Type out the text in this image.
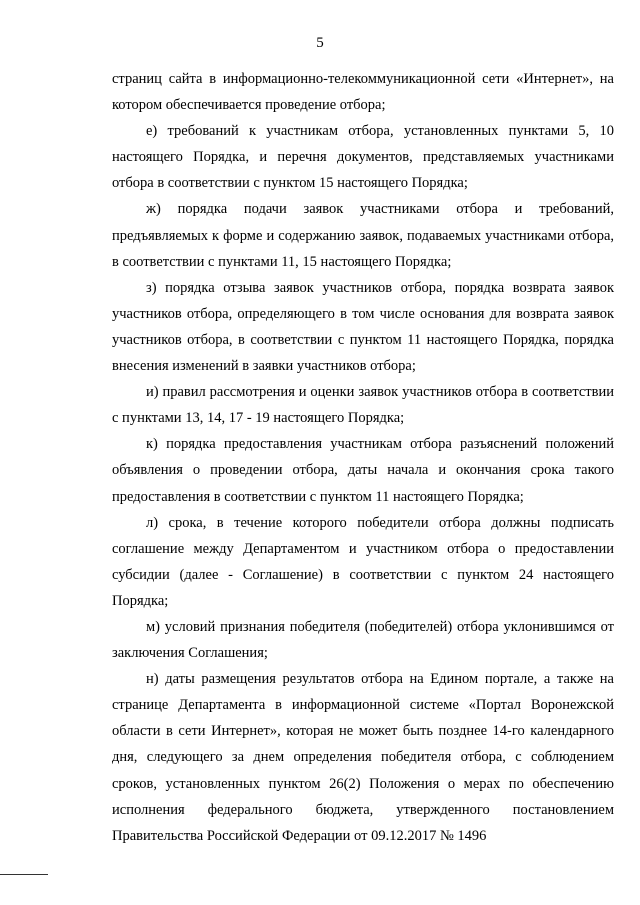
5

страниц сайта в информационно-телекоммуникационной сети «Интернет», на котором обеспечивается проведение отбора;

е) требований к участникам отбора, установленных пунктами 5, 10 настоящего Порядка, и перечня документов, представляемых участниками отбора в соответствии с пунктом 15 настоящего Порядка;

ж) порядка подачи заявок участниками отбора и требований, предъявляемых к форме и содержанию заявок, подаваемых участниками отбора, в соответствии с пунктами 11, 15 настоящего Порядка;

з) порядка отзыва заявок участников отбора, порядка возврата заявок участников отбора, определяющего в том числе основания для возврата заявок участников отбора, в соответствии с пунктом 11 настоящего Порядка, порядка внесения изменений в заявки участников отбора;

и) правил рассмотрения и оценки заявок участников отбора в соответствии с пунктами 13, 14, 17 - 19 настоящего Порядка;

к) порядка предоставления участникам отбора разъяснений положений объявления о проведении отбора, даты начала и окончания срока такого предоставления в соответствии с пунктом 11 настоящего Порядка;

л) срока, в течение которого победители отбора должны подписать соглашение между Департаментом и участником отбора о предоставлении субсидии (далее - Соглашение) в соответствии с пунктом 24 настоящего Порядка;

м) условий признания победителя (победителей) отбора уклонившимся от заключения Соглашения;

н) даты размещения результатов отбора на Едином портале, а также на странице Департамента в информационной системе «Портал Воронежской области в сети Интернет», которая не может быть позднее 14-го календарного дня, следующего за днем определения победителя отбора, с соблюдением сроков, установленных пунктом 26(2) Положения о мерах по обеспечению исполнения федерального бюджета, утвержденного постановлением Правительства Российской Федерации от 09.12.2017 № 1496
